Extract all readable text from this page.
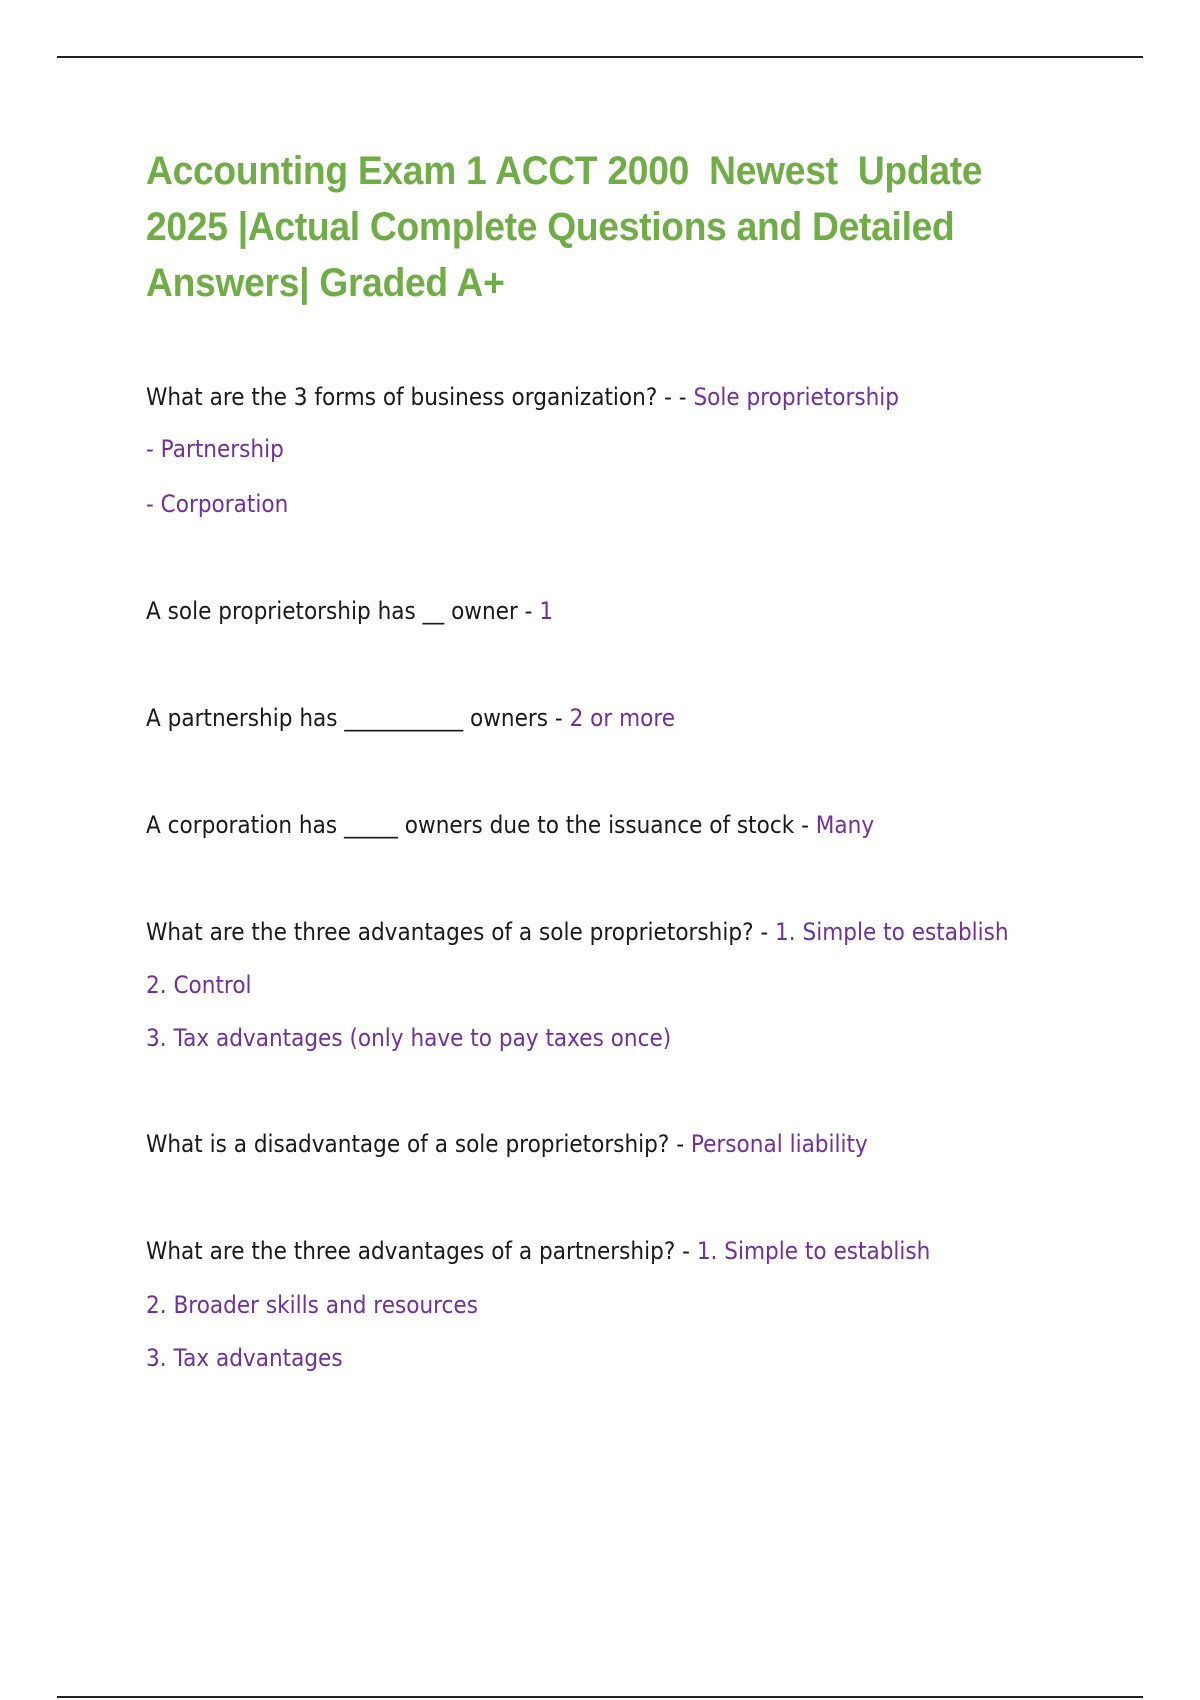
Accounting Exam 1 ACCT 2000  Newest  Update 2025 |Actual Complete Questions and Detailed Answers| Graded A+

What are the 3 forms of business organization? - - Sole proprietorship

- Partnership

- Corporation

A sole proprietorship has __ owner - 1

A partnership has ___________ owners - 2 or more

A corporation has _____ owners due to the issuance of stock - Many

What are the three advantages of a sole proprietorship? - 1. Simple to establish

2. Control

3. Tax advantages (only have to pay taxes once)

What is a disadvantage of a sole proprietorship? - Personal liability

What are the three advantages of a partnership? - 1. Simple to establish

2. Broader skills and resources

3. Tax advantages
